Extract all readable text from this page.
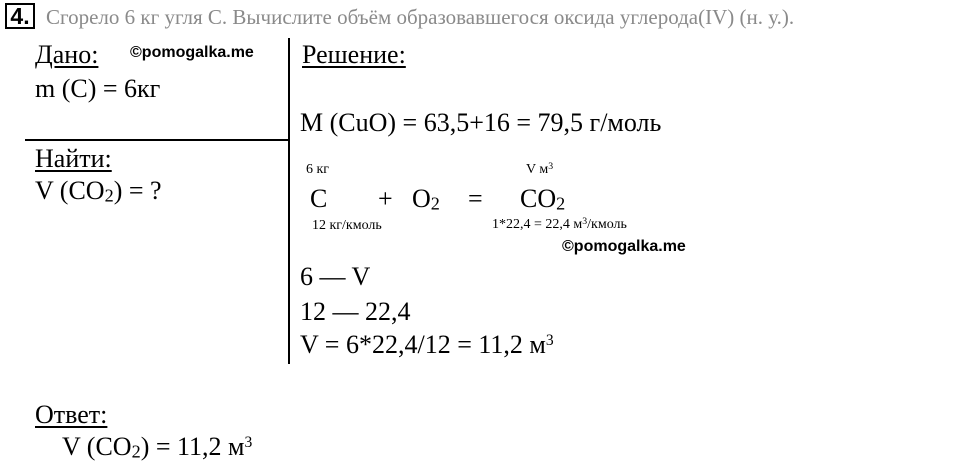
4. Сгорело 6 кг угля С. Вычислите объём образовавшегося оксида углерода(IV) (н. у.).
©pomogalka.me
©pomogalka.me
Дано:
m (C) = 6кг
Найти:
V $(CO_2)$ = ?
Решение:
M (CuO) = 63,5+16 = 79,5 г/моль
6 кг	V $м^3$
$C + O_2 = CO_2$
12 кг/кмоль	1*22,4 = 22,4 $м^3$/кмоль
6 — V
12 — 22,4
V = 6*22,4/12 = 11,2 $м^3$
Ответ:
V $(CO_2) = 11,2$ $м^3$
